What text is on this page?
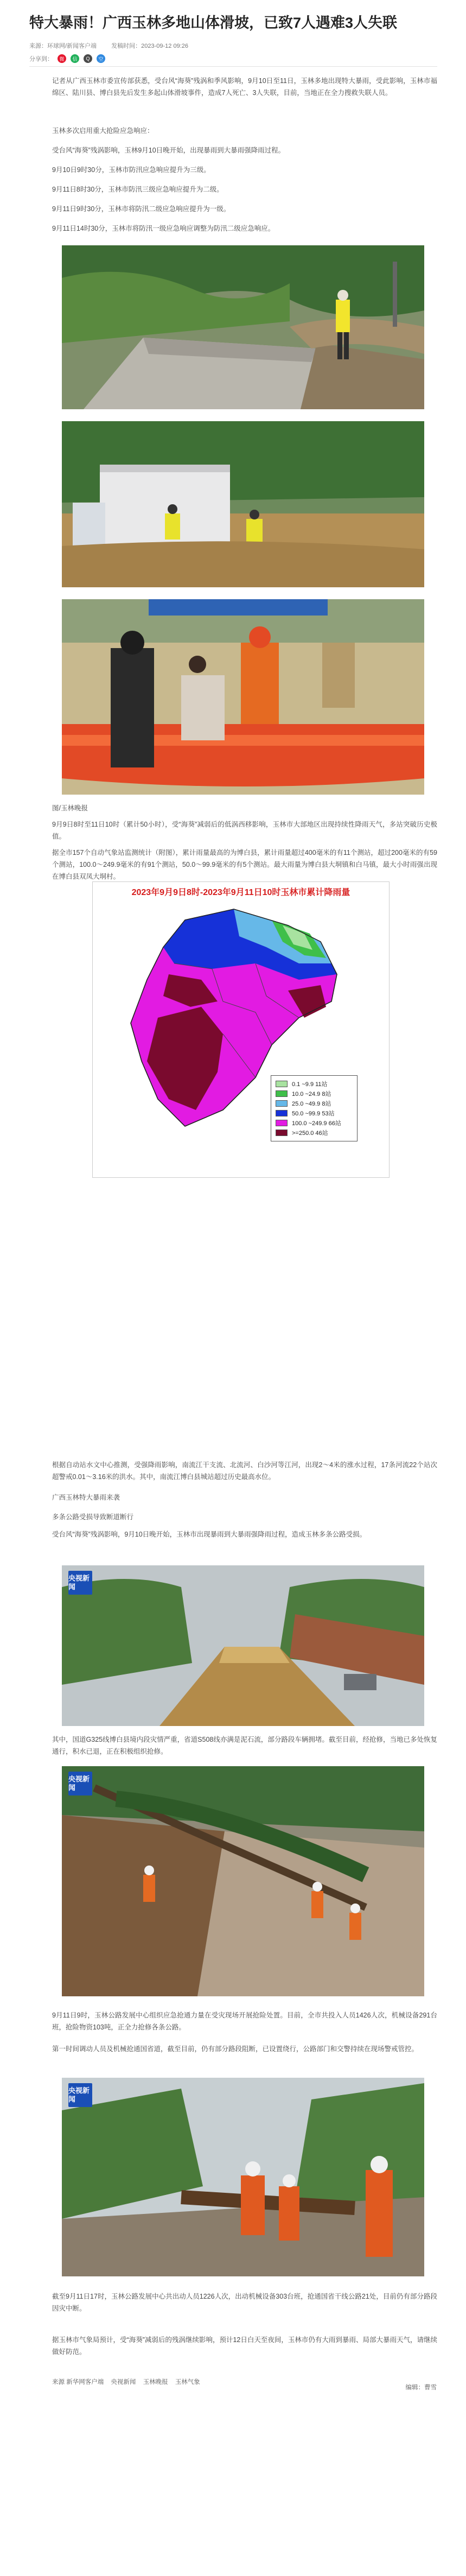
特大暴雨！广西玉林多地山体滑坡，已致7人遇难3人失联
来源：环球网/新闻客户端 发稿时间：2023-09-12 09:26
分享到：	微	信	Q	空
记者从广西玉林市委宣传部获悉，受台风“海葵”残涡和季风影响，9月10日至11日，玉林多地出现特大暴雨，受此影响，玉林市福绵区、陆川县、博白县先后发生多起山体滑坡事件，造成7人死亡、3人失联，目前，当地正在全力搜救失联人员。
玉林多次启用重大抢险应急响应：
受台风“海葵”残涡影响，玉林9月10日晚开始，出现暴雨到大暴雨强降雨过程。
9月10日9时30分，玉林市防汛应急响应提升为三级。
9月11日8时30分，玉林市防汛三级应急响应提升为二级。
9月11日9时30分，玉林市将防汛二级应急响应提升为一级。
9月11日14时30分，玉林市将防汛一级应急响应调整为防汛二级应急响应。
图/玉林晚报
9月9日8时至11日10时（累计50小时），受“海葵”减弱后的低涡西移影响，玉林市大部地区出现持续性降雨天气，多站突破历史极值。
据全市157个自动气象站监测统计（附图），累计雨量最高的为博白县，累计雨量超过400毫米的有11个测站，超过200毫米的有59个测站，100.0～249.9毫米的有91个测站，50.0～99.9毫米的有5个测站。最大雨量为博白县大垌镇和白马镇，最大小时雨强出现在博白县双凤大垌村。
2023年9月9日8时-2023年9月11日10时玉林市累计降雨量
0.1 ~9.9 11站
10.0 ~24.9 8站
25.0 ~49.9 8站
50.0 ~99.9 53站
100.0 ~249.9 66站
>=250.0 46站
根据自动站水文中心推测，受强降雨影响，南流江干支流、北流河、白沙河等江河，出现2～4米的涨水过程，17条河流22个站次超警戒0.01～3.16米的洪水。其中，南流江博白县城站超过历史最高水位。
广西玉林特大暴雨来袭
多条公路受损导致断道断行
受台风“海葵”残涡影响，9月10日晚开始，玉林市出现暴雨到大暴雨强降雨过程，造成玉林多条公路受损。
央视新闻
其中，国道G325线博白县境内段灾情严重，省道S508线亦满是泥石流，部分路段车辆拥堵。截至目前，经抢修，当地已多处恢复通行，积水已退，正在积极组织抢修。
央视新闻
9月11日9时，玉林公路发展中心组织应急抢通力量在受灾现场开展抢险处置。目前，全市共投入人员1426人次，机械设备291台班，抢险物资103吨，正全力抢修各条公路。
第一时间调动人员及机械抢通国省道，截至目前，仍有部分路段阻断，已设置绕行，公路部门和交警持续在现场警戒管控。
央视新闻
截至9月11日17时，玉林公路发展中心共出动人员1226人次，出动机械设备303台班，抢通国省干线公路21处，目前仍有部分路段因灾中断。
据玉林市气象局预计，受“海葵”减弱后的残涡继续影响，预计12日白天至夜间，玉林市仍有大雨到暴雨、局部大暴雨天气，请继续做好防范。
来源 新华网客户端 央视新闻 玉林晚报 玉林气象
编辑：曹雪
